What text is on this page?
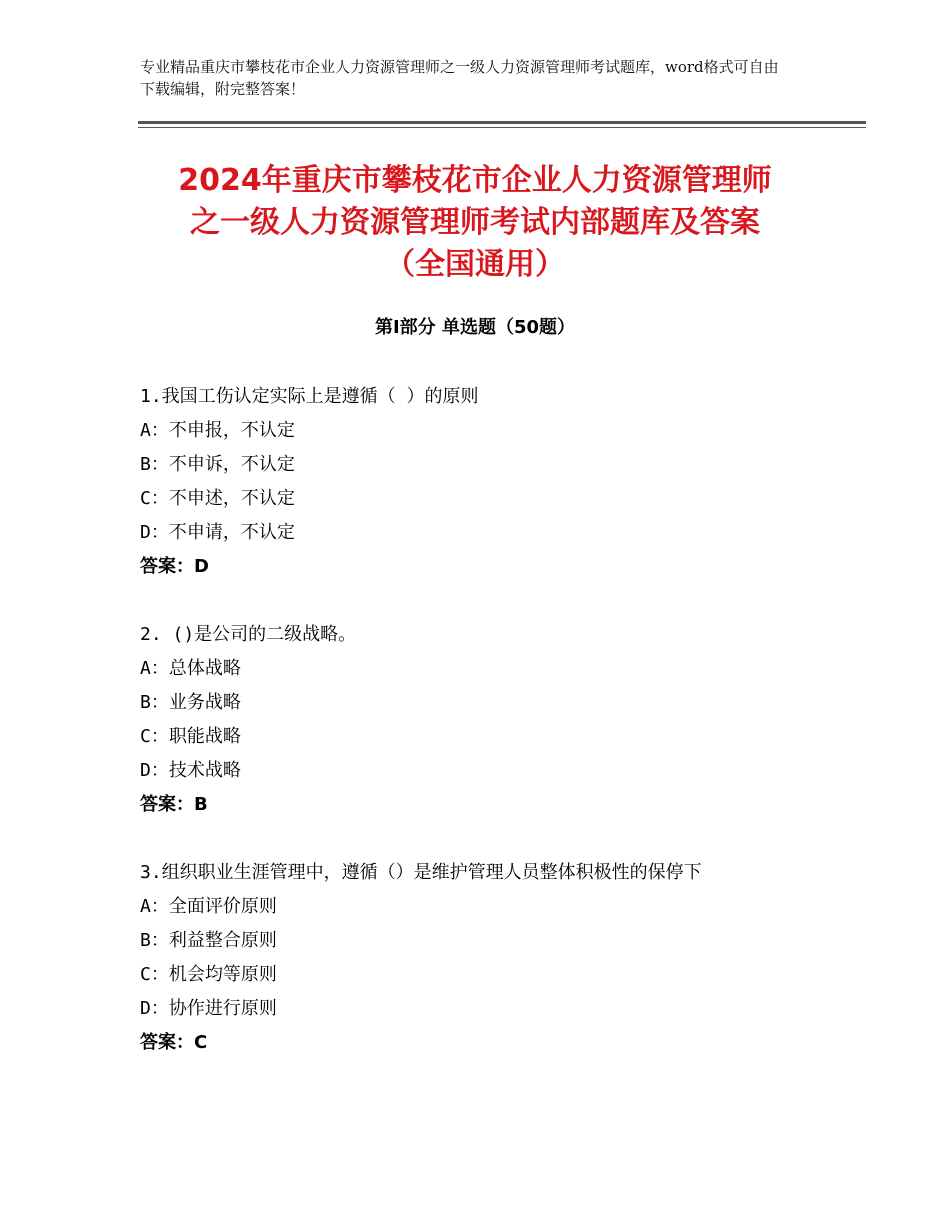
专业精品重庆市攀枝花市企业人力资源管理师之一级人力资源管理师考试题库，word格式可自由下载编辑，附完整答案！

2024年重庆市攀枝花市企业人力资源管理师
之一级人力资源管理师考试内部题库及答案
（全国通用）
第Ⅰ部分 单选题（50题）

1.我国工伤认定实际上是遵循（ ）的原则

A：不申报，不认定

B：不申诉，不认定

C：不申述，不认定

D：不申请，不认定

答案：D

2. ()是公司的二级战略。

A：总体战略

B：业务战略

C：职能战略

D：技术战略

答案：B

3.组织职业生涯管理中，遵循（）是维护管理人员整体积极性的保停下

A：全面评价原则

B：利益整合原则

C：机会均等原则

D：协作进行原则

答案：C
